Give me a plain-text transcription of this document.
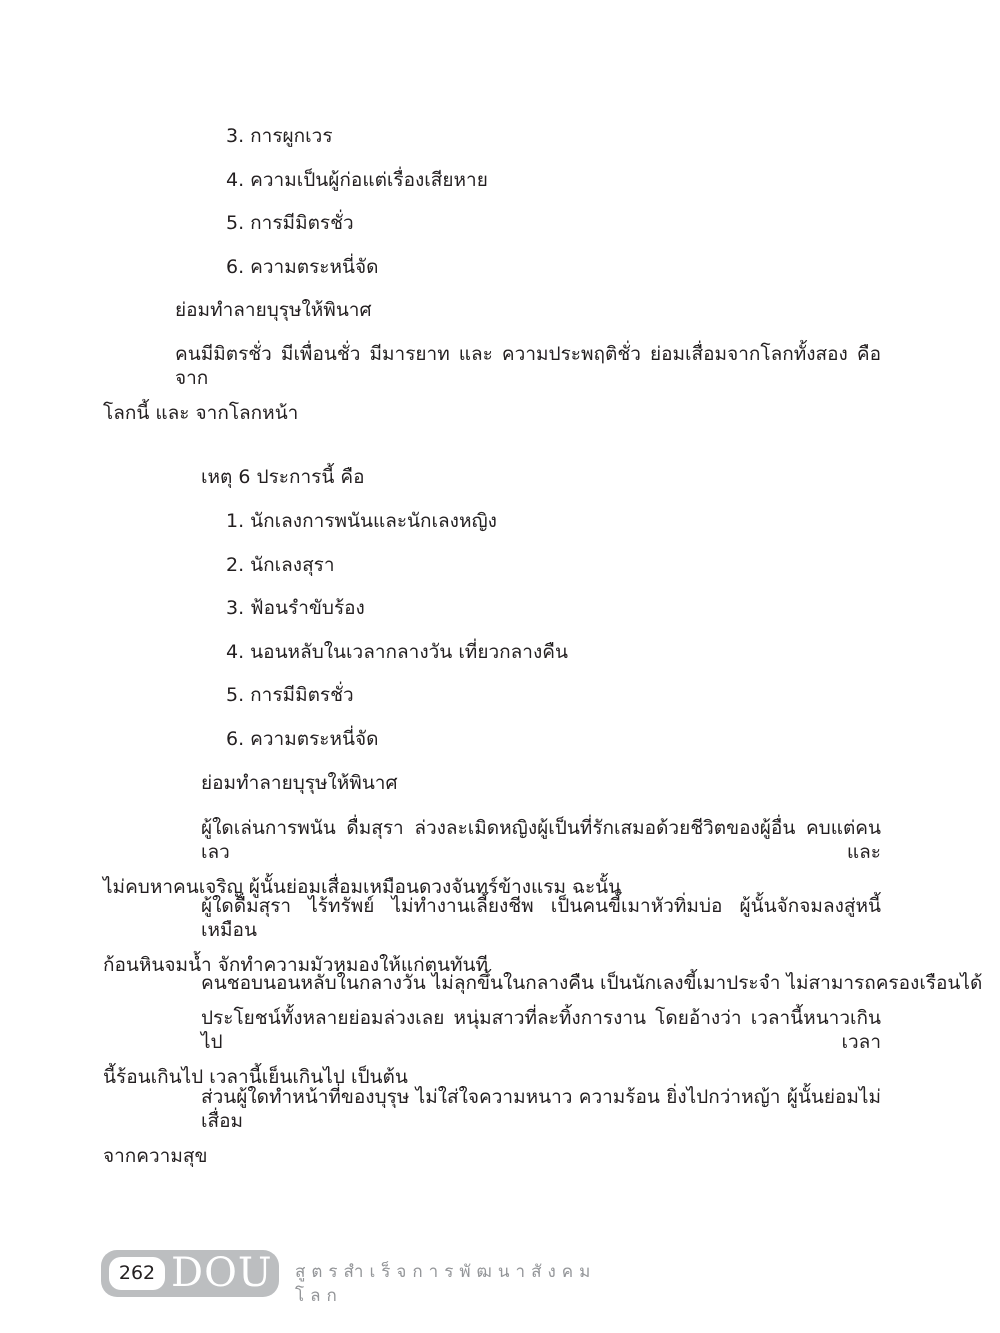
3. การผูกเวร
4. ความเป็นผู้ก่อแต่เรื่องเสียหาย
5. การมีมิตรชั่ว
6. ความตระหนี่จัด
ย่อมทำลายบุรุษให้พินาศ
คนมีมิตรชั่ว มีเพื่อนชั่ว มีมารยาท และ ความประพฤติชั่ว ย่อมเสื่อมจากโลกทั้งสอง คือ จาก
โลกนี้ และ จากโลกหน้า
เหตุ 6 ประการนี้ คือ
1. นักเลงการพนันและนักเลงหญิง
2. นักเลงสุรา
3. ฟ้อนรำขับร้อง
4. นอนหลับในเวลากลางวัน เที่ยวกลางคืน
5. การมีมิตรชั่ว
6. ความตระหนี่จัด
ย่อมทำลายบุรุษให้พินาศ
ผู้ใดเล่นการพนัน ดื่มสุรา ล่วงละเมิดหญิงผู้เป็นที่รักเสมอด้วยชีวิตของผู้อื่น คบแต่คนเลว และ
ไม่คบหาคนเจริญ ผู้นั้นย่อมเสื่อมเหมือนดวงจันทร์ข้างแรม ฉะนั้น
ผู้ใดดื่มสุรา ไร้ทรัพย์ ไม่ทำงานเลี้ยงชีพ เป็นคนขี้เมาหัวทิ่มบ่อ ผู้นั้นจักจมลงสู่หนี้เหมือน
ก้อนหินจมน้ำ จักทำความมัวหมองให้แก่ตนทันที
คนชอบนอนหลับในกลางวัน ไม่ลุกขึ้นในกลางคืน เป็นนักเลงขี้เมาประจำ ไม่สามารถครองเรือนได้
ประโยชน์ทั้งหลายย่อมล่วงเลย หนุ่มสาวที่ละทิ้งการงาน โดยอ้างว่า เวลานี้หนาวเกินไป เวลา
นี้ร้อนเกินไป เวลานี้เย็นเกินไป เป็นต้น
ส่วนผู้ใดทำหน้าที่ของบุรุษ ไม่ใส่ใจความหนาว ความร้อน ยิ่งไปกว่าหญ้า ผู้นั้นย่อมไม่เสื่อม
จากความสุข
262 DOU สูตรสำเร็จการพัฒนาสังคมโลก
